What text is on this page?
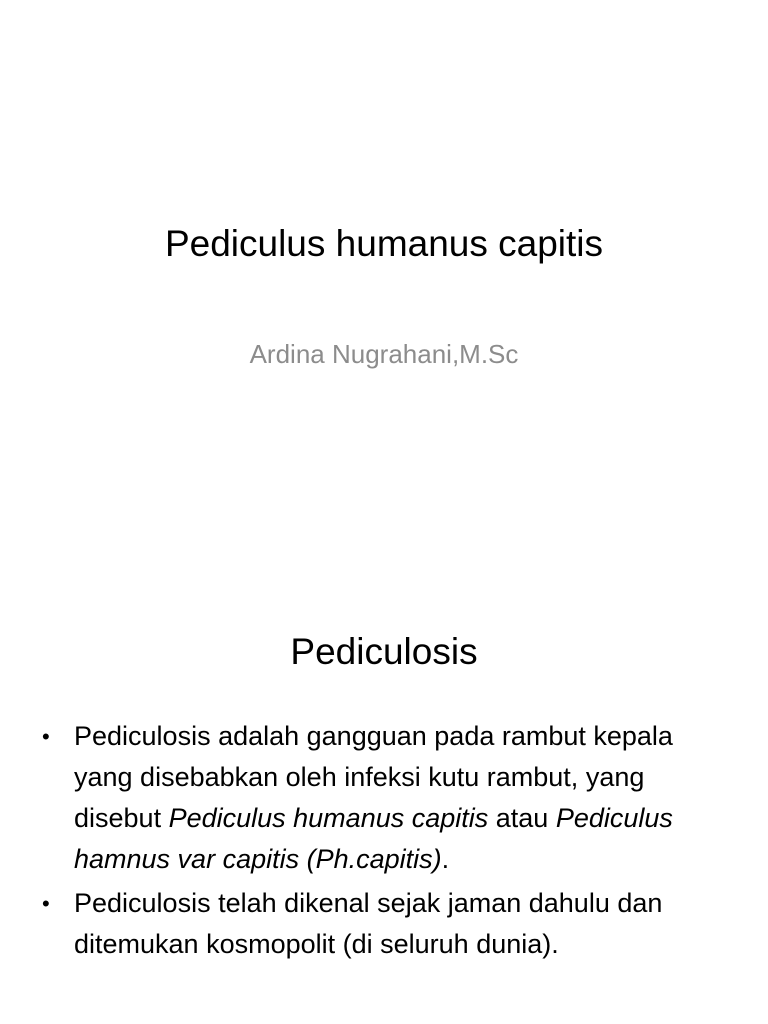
Pediculus humanus capitis

Ardina Nugrahani,M.Sc

Pediculosis
• Pediculosis adalah gangguan pada rambut kepala yang disebabkan oleh infeksi kutu rambut, yang disebut Pediculus humanus capitis atau Pediculus hamnus var capitis (Ph.capitis).
• Pediculosis telah dikenal sejak jaman dahulu dan ditemukan kosmopolit (di seluruh dunia).
